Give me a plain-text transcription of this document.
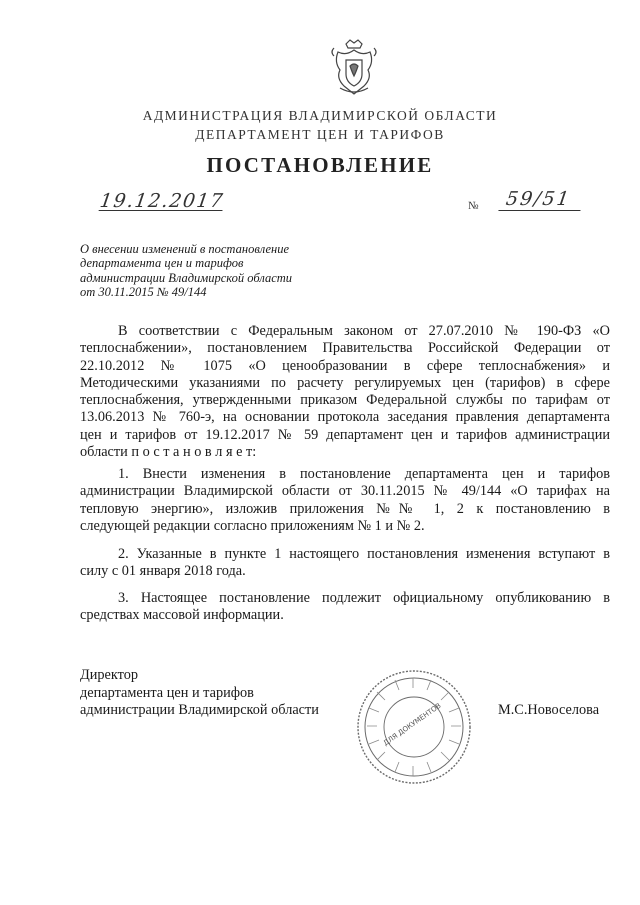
АДМИНИСТРАЦИЯ ВЛАДИМИРСКОЙ ОБЛАСТИ
ДЕПАРТАМЕНТ ЦЕН И ТАРИФОВ
ПОСТАНОВЛЕНИЕ
19.12.2017	№	59/51
О внесении изменений в постановление
департамента цен и тарифов
администрации Владимирской области
от 30.11.2015 № 49/144
В соответствии с Федеральным законом от 27.07.2010 № 190-ФЗ «О
теплоснабжении», постановлением Правительства Российской Федерации от
22.10.2012 № 1075 «О ценообразовании в сфере теплоснабжения» и
Методическими указаниями по расчету регулируемых цен (тарифов) в сфере
теплоснабжения, утвержденными приказом Федеральной службы по тарифам от
13.06.2013 № 760-э, на основании протокола заседания правления департамента
цен и тарифов от 19.12.2017 № 59 департамент цен и тарифов администрации
области п о с т а н о в л я е т:
1. Внести изменения в постановление департамента цен и тарифов
администрации Владимирской области от 30.11.2015 № 49/144 «О тарифах на
тепловую энергию», изложив приложения №№ 1, 2 к постановлению в
следующей редакции согласно приложениям № 1 и № 2.
2. Указанные в пункте 1 настоящего постановления изменения вступают в
силу с 01 января 2018 года.
3. Настоящее постановление подлежит официальному опубликованию в
средствах массовой информации.
Директор
департамента цен и тарифов
администрации Владимирской области	ДЛЯ ДОКУМЕНТОВ	М.С.Новоселова
